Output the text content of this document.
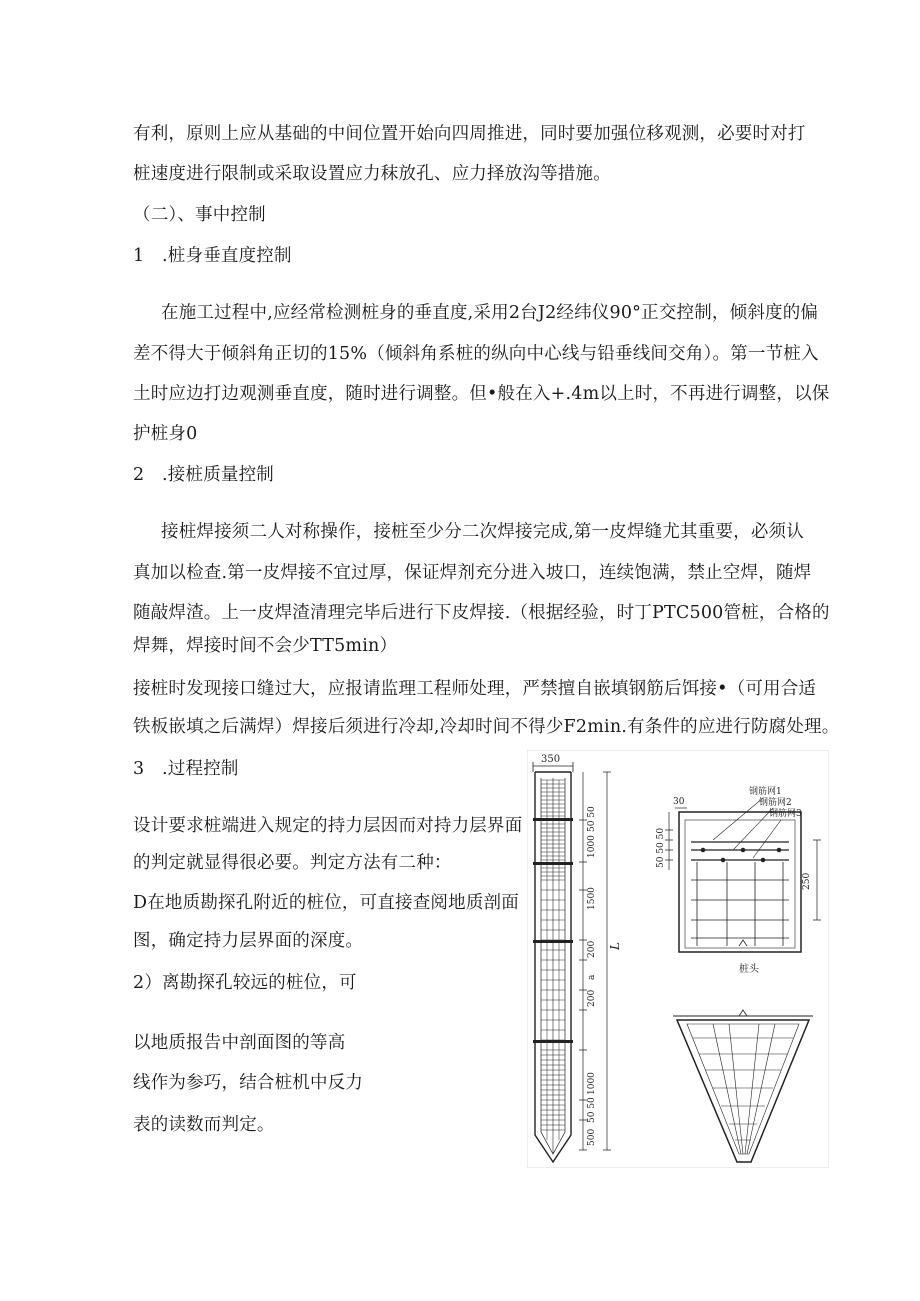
有利，原则上应从基础的中间位置开始向四周推进，同时要加强位移观测，必要时对打
桩速度进行限制或采取设置应力秣放孔、应力择放沟等措施。
（二）、事中控制
1　.桩身垂直度控制
在施工过程中,应经常检测桩身的垂直度,采用2台J2经纬仪90°正交控制，倾斜度的偏
差不得大于倾斜角正切的15%（倾斜角系桩的纵向中心线与铅垂线间交角）。第一节桩入
土时应边打边观测垂直度，随时进行调整。但•般在入+.4m以上时，不再进行调整，以保
护桩身0
2　.接桩质量控制
接桩焊接须二人对称操作，接桩至少分二次焊接完成,第一皮焊缝尤其重要，必须认
真加以检查.第一皮焊接不宜过厚，保证焊剂充分进入坡口，连续饱满，禁止空焊，随焊
随敲焊渣。上一皮焊渣清理完毕后进行下皮焊接.（根据经验，时丁PTC500管桩，合格的
焊舞，焊接时间不会少TT5min）
接桩时发现接口缝过大，应报请监理工程师处理，严禁擅自嵌填钢筋后饵接•（可用合适
铁板嵌填之后满焊）焊接后须进行冷却,冷却时间不得少F2min.有条件的应进行防腐处理。
3　.过程控制
设计要求桩端进入规定的持力层因而对持力层界面
的判定就显得很必要。判定方法有二种：
D在地质勘探孔附近的桩位，可直接查阅地质剖面
图，确定持力层界面的深度。
2）离勘探孔较远的桩位，可
以地质报告中剖面图的等高
线作为参巧，结合桩机中反力
表的读数而判定。
350
50 50
1000
1500
200
a
200
1000
50 50
500
L
钢筋网1
钢筋网2
钢筋网3
30
50 50 50
250
桩头
